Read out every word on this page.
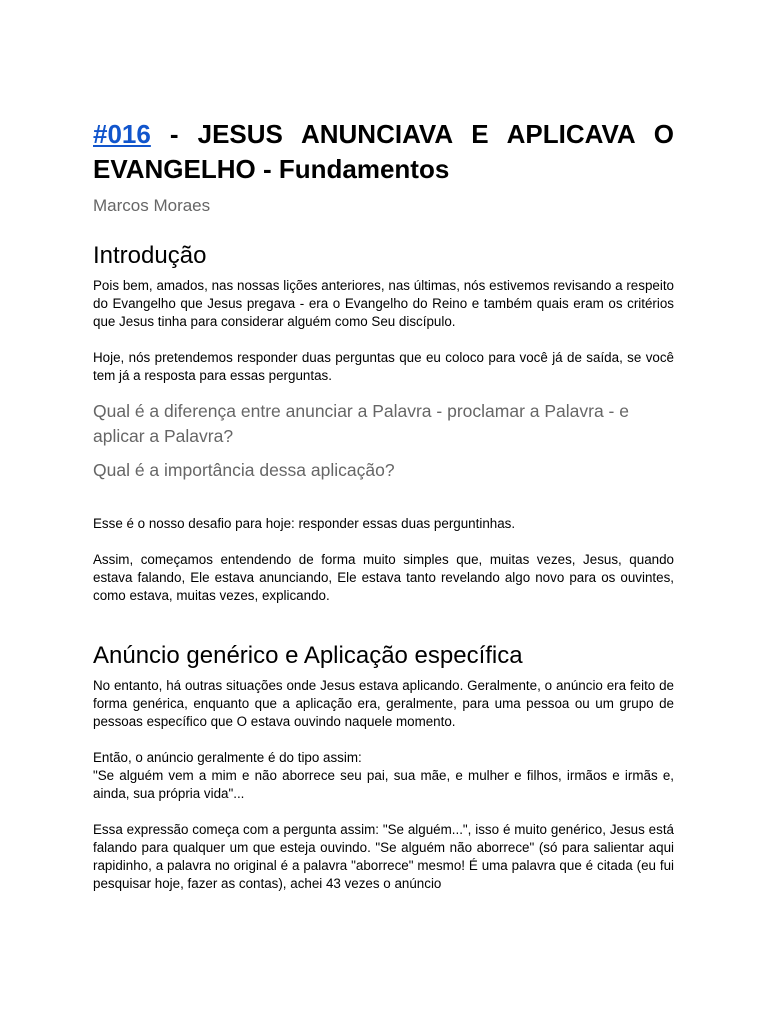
#016 - JESUS ANUNCIAVA E APLICAVA O EVANGELHO - Fundamentos

Marcos Moraes

Introdução

Pois bem, amados, nas nossas lições anteriores, nas últimas, nós estivemos revisando a respeito do Evangelho que Jesus pregava - era o Evangelho do Reino e também quais eram os critérios que Jesus tinha para considerar alguém como Seu discípulo.

Hoje, nós pretendemos responder duas perguntas que eu coloco para você já de saída, se você tem já a resposta para essas perguntas.

Qual é a diferença entre anunciar a Palavra - proclamar a Palavra - e aplicar a Palavra?
Qual é a importância dessa aplicação?

Esse é o nosso desafio para hoje: responder essas duas perguntinhas.

Assim, começamos entendendo de forma muito simples que, muitas vezes, Jesus, quando estava falando, Ele estava anunciando, Ele estava tanto revelando algo novo para os ouvintes, como estava, muitas vezes, explicando.

Anúncio genérico e Aplicação específica

No entanto, há outras situações onde Jesus estava aplicando. Geralmente, o anúncio era feito de forma genérica, enquanto que a aplicação era, geralmente, para uma pessoa ou um grupo de pessoas específico que O estava ouvindo naquele momento.

Então, o anúncio geralmente é do tipo assim:
"Se alguém vem a mim e não aborrece seu pai, sua mãe, e mulher e filhos, irmãos e irmãs e, ainda, sua própria vida"...

Essa expressão começa com a pergunta assim: "Se alguém...", isso é muito genérico, Jesus está falando para qualquer um que esteja ouvindo. "Se alguém não aborrece" (só para salientar aqui rapidinho, a palavra no original é a palavra "aborrece" mesmo! É uma palavra que é citada (eu fui pesquisar hoje, fazer as contas), achei 43 vezes o anúncio
